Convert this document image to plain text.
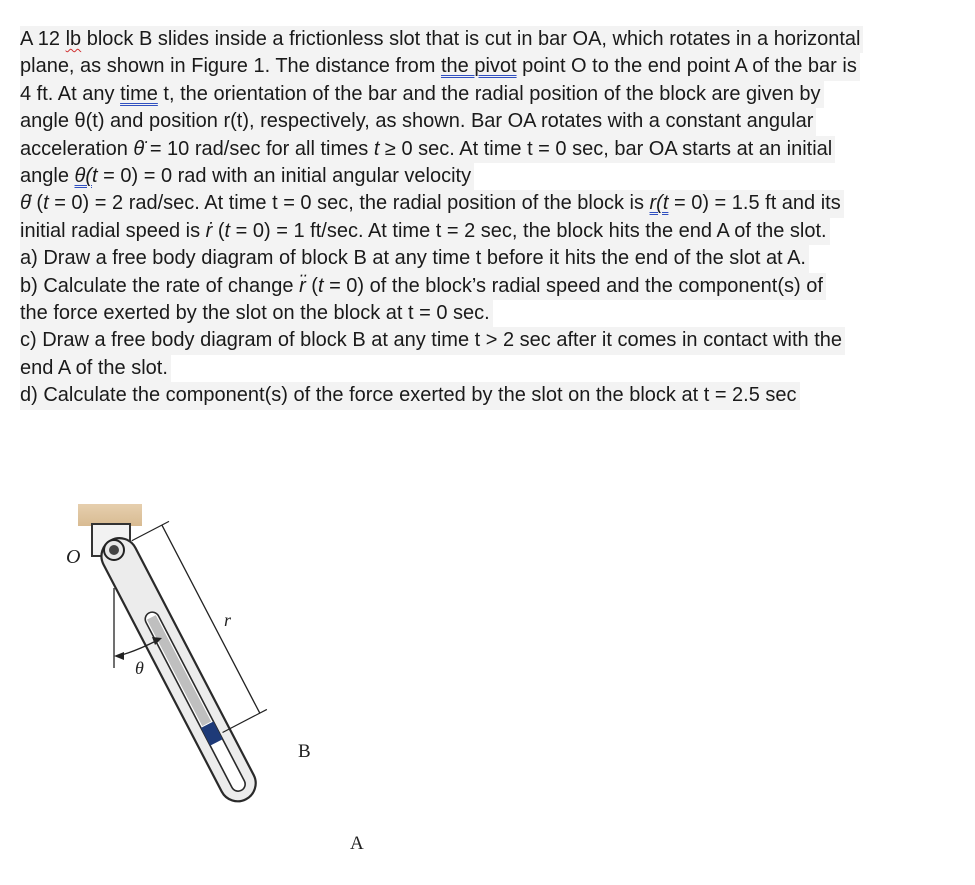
A 12 lb block B slides inside a frictionless slot that is cut in bar OA, which rotates in a horizontal
plane, as shown in Figure 1. The distance from the pivot point O to the end point A of the bar is
4 ft. At any time t, the orientation of the bar and the radial position of the block are given by
angle θ(t) and position r(t), respectively, as shown. Bar OA rotates with a constant angular
acceleration θ̈ = 10 rad/sec for all times t ≥ 0 sec. At time t = 0 sec, bar OA starts at an initial
angle θ(t = 0) = 0 rad with an initial angular velocity
θ̇ (t = 0) = 2 rad/sec. At time t = 0 sec, the radial position of the block is r(t = 0) = 1.5 ft and its
initial radial speed is ṙ (t = 0) = 1 ft/sec. At time t = 2 sec, the block hits the end A of the slot.
a) Draw a free body diagram of block B at any time t before it hits the end of the slot at A.
b) Calculate the rate of change r̈ (t = 0) of the block’s radial speed and the component(s) of
the force exerted by the slot on the block at t = 0 sec.
c) Draw a free body diagram of block B at any time t > 2 sec after it comes in contact with the
end A of the slot.
d) Calculate the component(s) of the force exerted by the slot on the block at t = 2.5 sec
O
r
θ
B
A
